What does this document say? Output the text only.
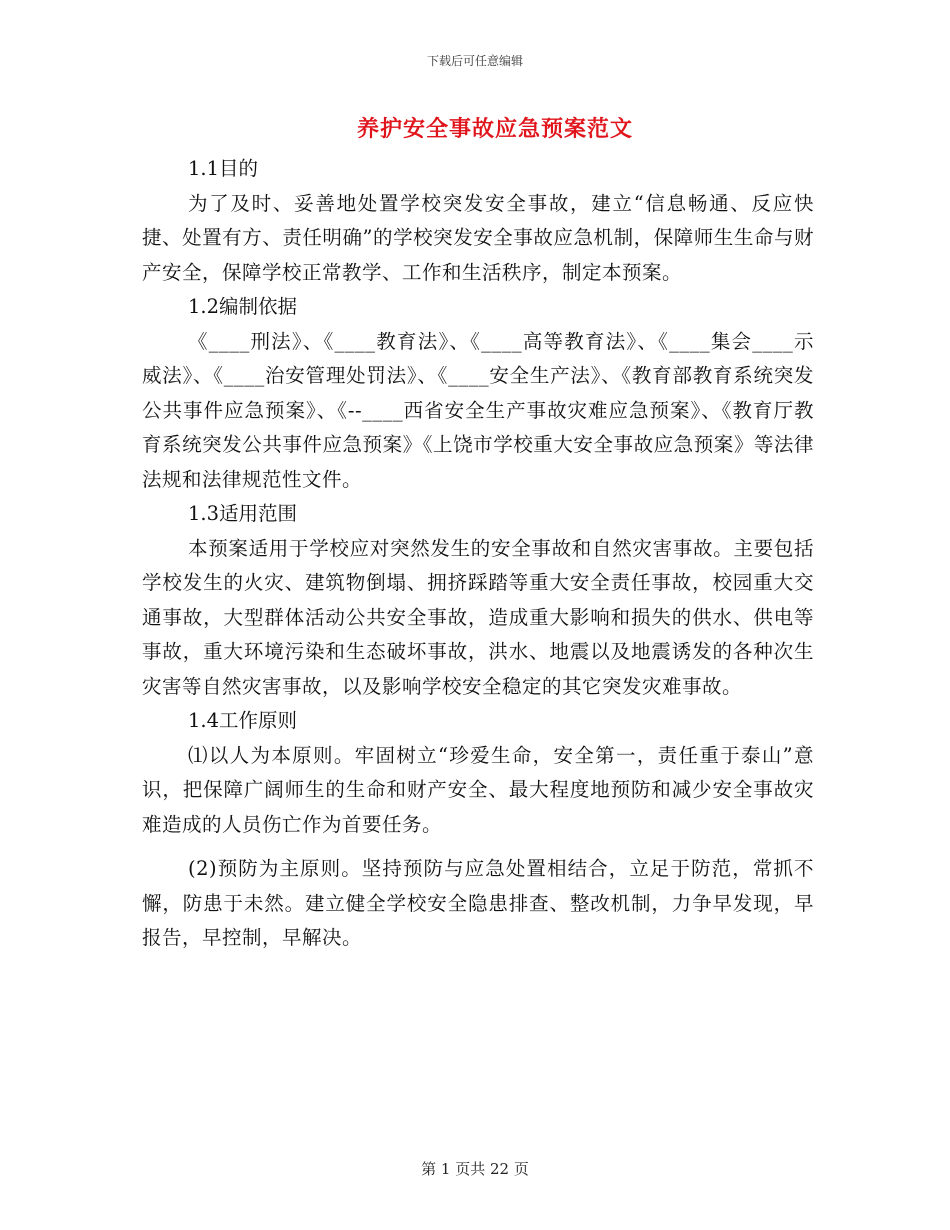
下载后可任意编辑
养护安全事故应急预案范文

1.1目的

为了及时、妥善地处置学校突发安全事故，建立“信息畅通、反应快捷、处置有方、责任明确”的学校突发安全事故应急机制，保障师生生命与财产安全，保障学校正常教学、工作和生活秩序，制定本预案。

1.2编制依据

《____刑法》、《____教育法》、《____高等教育法》、《____集会____示威法》、《____治安管理处罚法》、《____安全生产法》、《教育部教育系统突发公共事件应急预案》、《--____西省安全生产事故灾难应急预案》、《教育厅教育系统突发公共事件应急预案》《上饶市学校重大安全事故应急预案》等法律法规和法律规范性文件。

1.3适用范围

本预案适用于学校应对突然发生的安全事故和自然灾害事故。主要包括学校发生的火灾、建筑物倒塌、拥挤踩踏等重大安全责任事故，校园重大交通事故，大型群体活动公共安全事故，造成重大影响和损失的供水、供电等事故，重大环境污染和生态破坏事故，洪水、地震以及地震诱发的各种次生灾害等自然灾害事故，以及影响学校安全稳定的其它突发灾难事故。

1.4工作原则

⑴以人为本原则。牢固树立“珍爱生命，安全第一，责任重于泰山”意识，把保障广阔师生的生命和财产安全、最大程度地预防和减少安全事故灾难造成的人员伤亡作为首要任务。

(2)预防为主原则。坚持预防与应急处置相结合，立足于防范，常抓不懈，防患于未然。建立健全学校安全隐患排查、整改机制，力争早发现，早报告，早控制，早解决。

第 1 页共 22 页
